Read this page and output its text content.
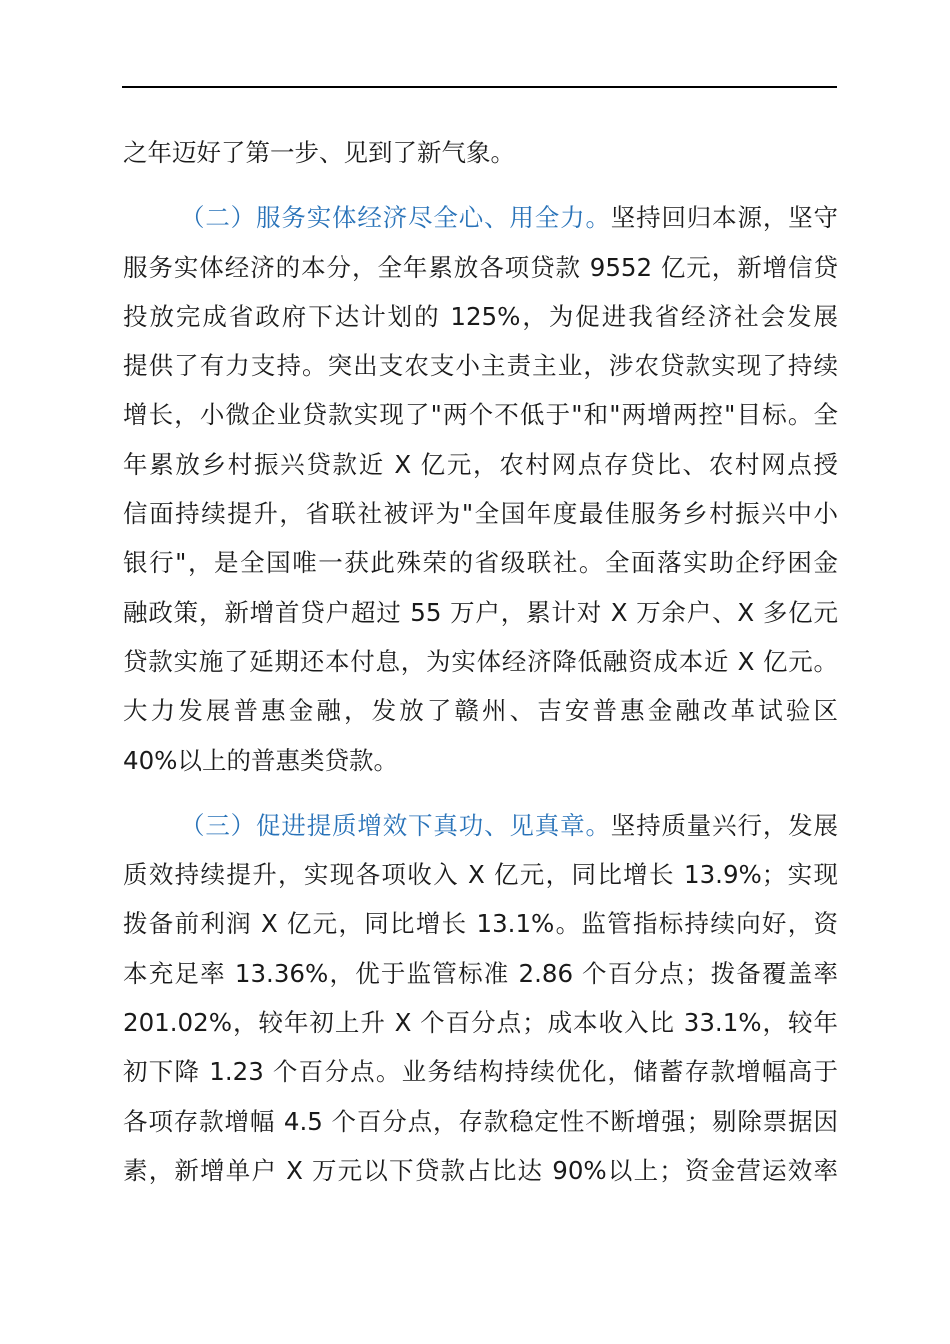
之年迈好了第一步、见到了新气象。
（二）服务实体经济尽全心、用全力。坚持回归本源，坚守
服务实体经济的本分，全年累放各项贷款 9552 亿元，新增信贷
投放完成省政府下达计划的 125%，为促进我省经济社会发展
提供了有力支持。突出支农支小主责主业，涉农贷款实现了持续
增长，小微企业贷款实现了"两个不低于"和"两增两控"目标。全
年累放乡村振兴贷款近 X 亿元，农村网点存贷比、农村网点授
信面持续提升，省联社被评为"全国年度最佳服务乡村振兴中小
银行"，是全国唯一获此殊荣的省级联社。全面落实助企纾困金
融政策，新增首贷户超过 55 万户，累计对 X 万余户、X 多亿元
贷款实施了延期还本付息，为实体经济降低融资成本近 X 亿元。
大力发展普惠金融，发放了赣州、吉安普惠金融改革试验区
40%以上的普惠类贷款。
（三）促进提质增效下真功、见真章。坚持质量兴行，发展
质效持续提升，实现各项收入 X 亿元，同比增长 13.9%；实现
拨备前利润 X 亿元，同比增长 13.1%。监管指标持续向好，资
本充足率 13.36%，优于监管标准 2.86 个百分点；拨备覆盖率
201.02%，较年初上升 X 个百分点；成本收入比 33.1%，较年
初下降 1.23 个百分点。业务结构持续优化，储蓄存款增幅高于
各项存款增幅 4.5 个百分点，存款稳定性不断增强；剔除票据因
素，新增单户 X 万元以下贷款占比达 90%以上；资金营运效率
